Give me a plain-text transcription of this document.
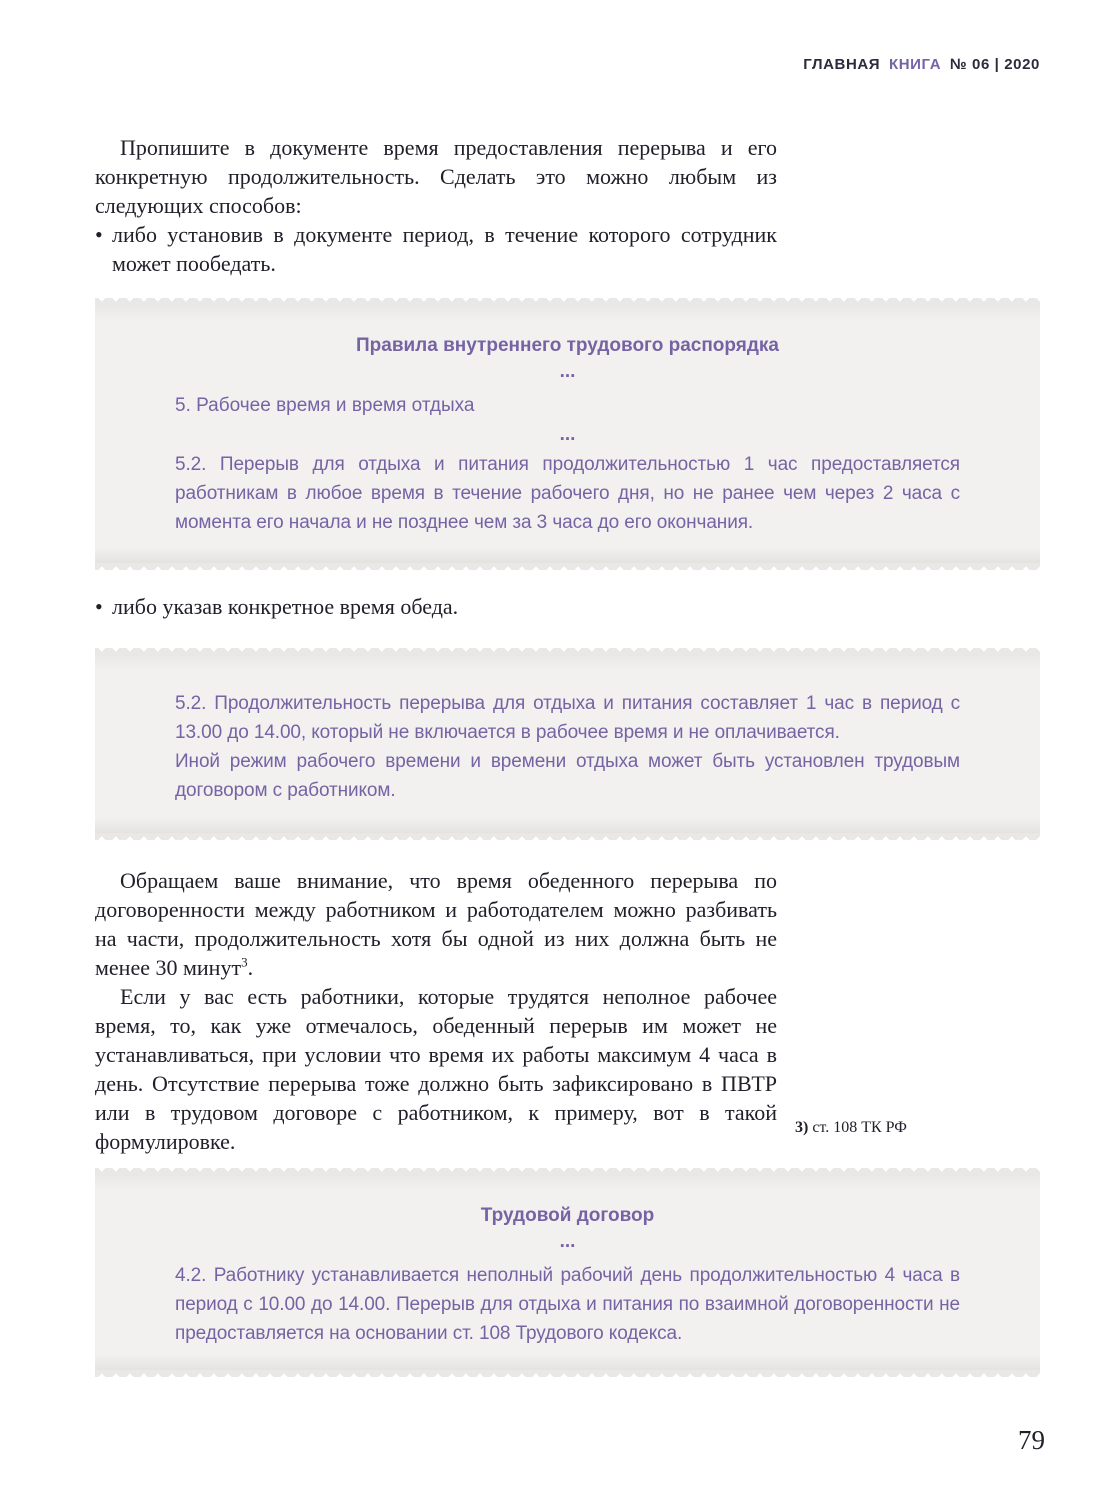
ГЛАВНАЯ КНИГА № 06 | 2020

Пропишите в документе время предоставления перерыва и его конкретную продолжительность. Сделать это можно любым из следующих способов:

• либо установив в документе период, в течение которого сотрудник может пообедать.

Правила внутреннего трудового распорядка

...

5. Рабочее время и время отдыха

...

5.2. Перерыв для отдыха и питания продолжительностью 1 час предоставляется работникам в любое время в течение рабочего дня, но не ранее чем через 2 часа с момента его начала и не позднее чем за 3 часа до его окончания.

• либо указав конкретное время обеда.

5.2. Продолжительность перерыва для отдыха и питания составляет 1 час в период с 13.00 до 14.00, который не включается в рабочее время и не оплачивается.

Иной режим рабочего времени и времени отдыха может быть установлен трудовым договором с работником.

Обращаем ваше внимание, что время обеденного перерыва по договоренности между работником и работодателем можно разбивать на части, продолжительность хотя бы одной из них должна быть не менее 30 минут$^3$.

Если у вас есть работники, которые трудятся неполное рабочее время, то, как уже отмечалось, обеденный перерыв им может не устанавливаться, при условии что время их работы максимум 4 часа в день. Отсутствие перерыва тоже должно быть зафиксировано в ПВТР или в трудовом договоре с работником, к примеру, вот в такой формулировке.

3) ст. 108 ТК РФ

Трудовой договор

...

4.2. Работнику устанавливается неполный рабочий день продолжительностью 4 часа в период с 10.00 до 14.00. Перерыв для отдыха и питания по взаимной договоренности не предоставляется на основании ст. 108 Трудового кодекса.

79
